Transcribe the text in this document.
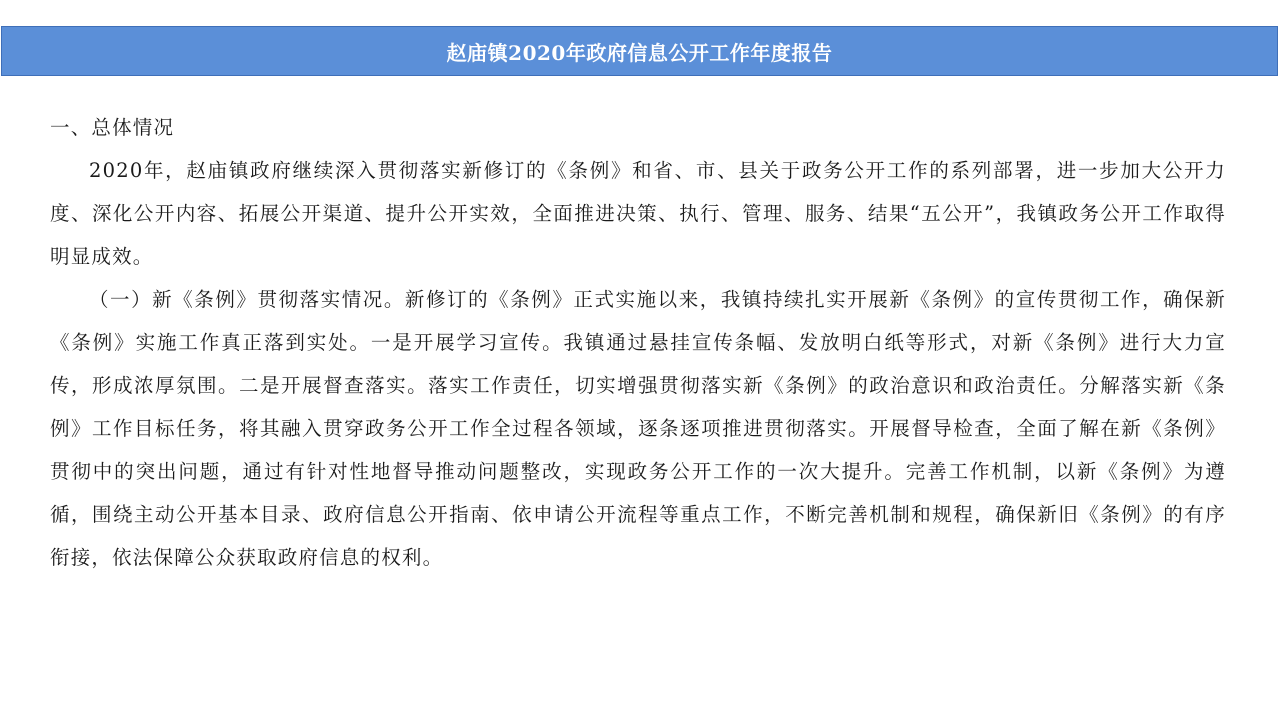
赵庙镇2020年政府信息公开工作年度报告

一、总体情况

2020年，赵庙镇政府继续深入贯彻落实新修订的《条例》和省、市、县关于政务公开工作的系列部署，进一步加大公开力度、深化公开内容、拓展公开渠道、提升公开实效，全面推进决策、执行、管理、服务、结果“五公开”，我镇政务公开工作取得明显成效。

（一）新《条例》贯彻落实情况。新修订的《条例》正式实施以来，我镇持续扎实开展新《条例》的宣传贯彻工作，确保新《条例》实施工作真正落到实处。一是开展学习宣传。我镇通过悬挂宣传条幅、发放明白纸等形式，对新《条例》进行大力宣传，形成浓厚氛围。二是开展督查落实。落实工作责任，切实增强贯彻落实新《条例》的政治意识和政治责任。分解落实新《条例》工作目标任务，将其融入贯穿政务公开工作全过程各领域，逐条逐项推进贯彻落实。开展督导检查，全面了解在新《条例》贯彻中的突出问题，通过有针对性地督导推动问题整改，实现政务公开工作的一次大提升。完善工作机制，以新《条例》为遵循，围绕主动公开基本目录、政府信息公开指南、依申请公开流程等重点工作，不断完善机制和规程，确保新旧《条例》的有序衔接，依法保障公众获取政府信息的权利。
